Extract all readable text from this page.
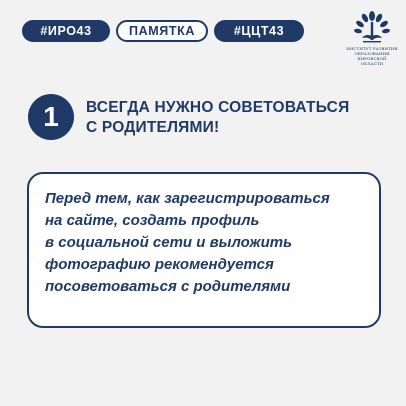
#ИРО43	ПАМЯТКА	#ЦЦТ43
ИНСТИТУТ РАЗВИТИЯ
ОБРАЗОВАНИЯ
КИРОВСКОЙ ОБЛАСТИ
1	ВСЕГДА НУЖНО СОВЕТОВАТЬСЯ
С РОДИТЕЛЯМИ!
Перед тем, как зарегистрироваться
на сайте, создать профиль
в социальной сети и выложить
фотографию рекомендуется
посоветоваться с родителями
